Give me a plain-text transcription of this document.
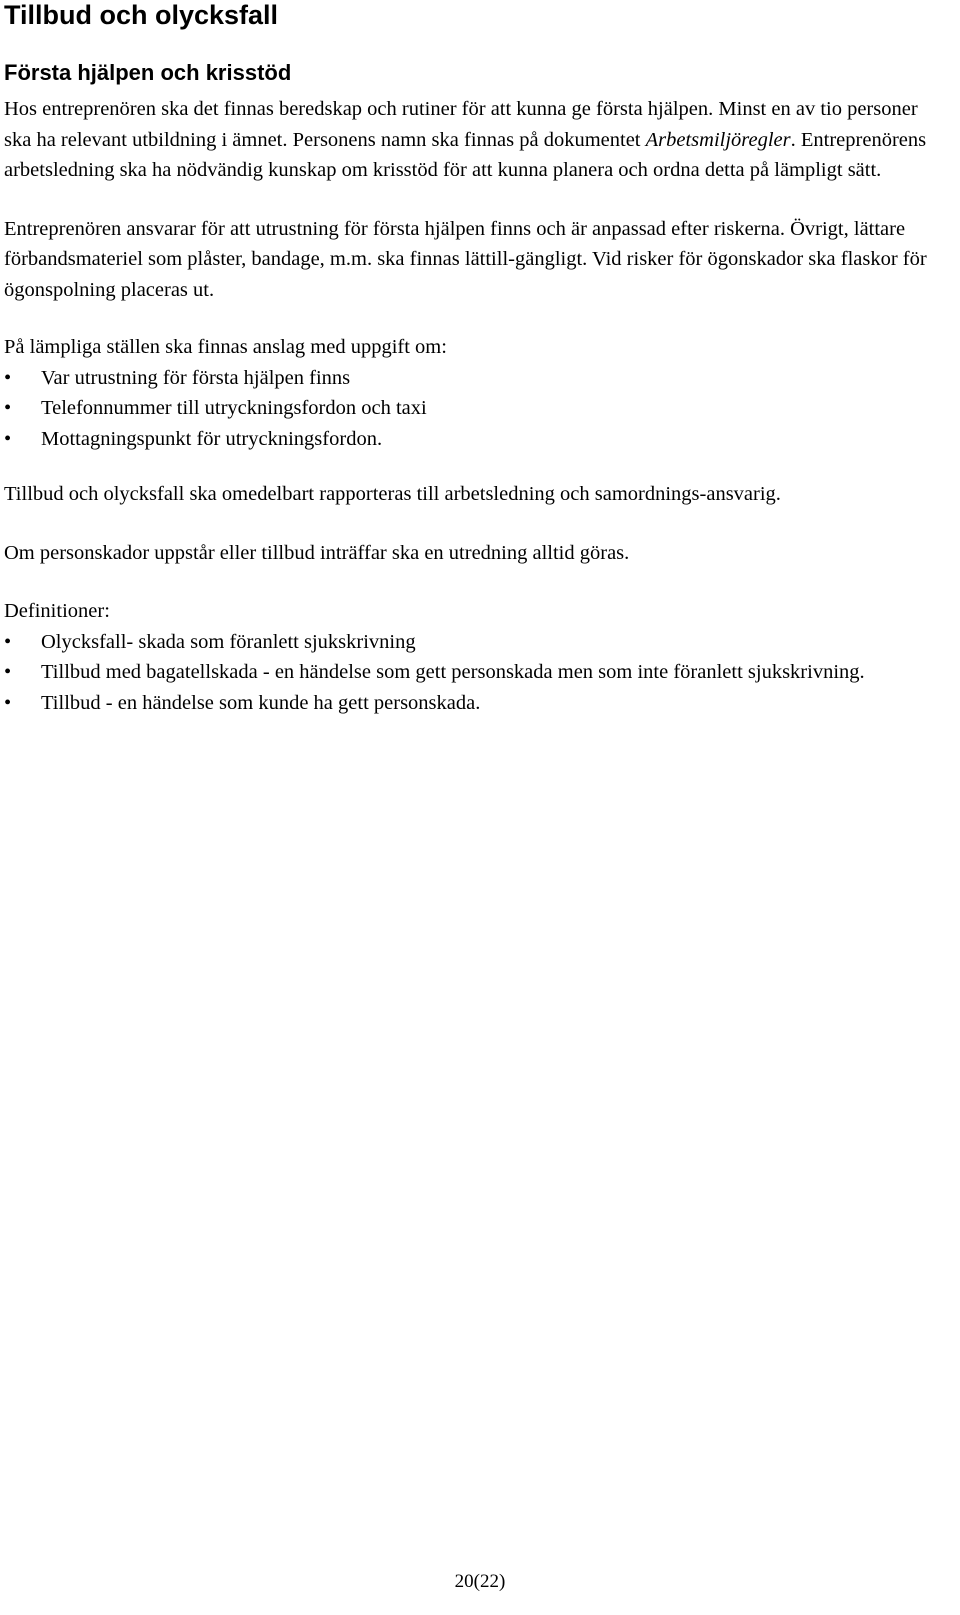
Tillbud och olycksfall
Första hjälpen och krisstöd

Hos entreprenören ska det finnas beredskap och rutiner för att kunna ge första hjälpen. Minst en av tio personer ska ha relevant utbildning i ämnet. Personens namn ska finnas på dokumentet Arbetsmiljöregler. Entreprenörens arbetsledning ska ha nödvändig kunskap om krisstöd för att kunna planera och ordna detta på lämpligt sätt.

Entreprenören ansvarar för att utrustning för första hjälpen finns och är anpassad efter riskerna. Övrigt, lättare förbandsmateriel som plåster, bandage, m.m. ska finnas lättill-gängligt. Vid risker för ögonskador ska flaskor för ögonspolning placeras ut.

På lämpliga ställen ska finnas anslag med uppgift om:

•	Var utrustning för första hjälpen finns
•	Telefonnummer till utryckningsfordon och taxi
•	Mottagningspunkt för utryckningsfordon.

Tillbud och olycksfall ska omedelbart rapporteras till arbetsledning och samordnings-ansvarig.

Om personskador uppstår eller tillbud inträffar ska en utredning alltid göras.

Definitioner:

•	Olycksfall- skada som föranlett sjukskrivning
•	Tillbud med bagatellskada - en händelse som gett personskada men som inte föranlett sjukskrivning.
•	Tillbud - en händelse som kunde ha gett personskada.
20(22)
